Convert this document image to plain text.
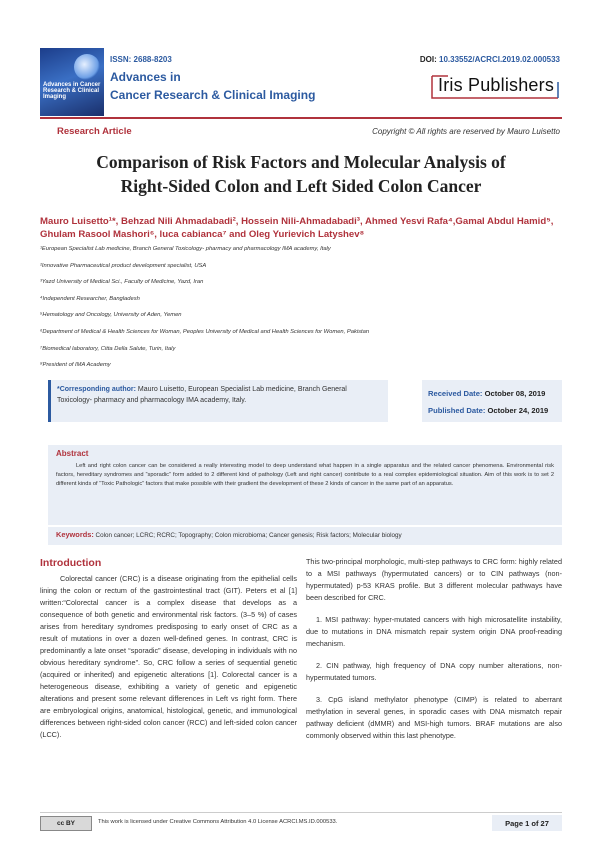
Advances in Cancer Research & Clinical Imaging
ISSN: 2688-8203
Advances in
Cancer Research & Clinical Imaging
DOI: 10.33552/ACRCI.2019.02.000533
Iris Publishers
Research Article	Copyright © All rights are reserved by Mauro Luisetto
Comparison of Risk Factors and Molecular Analysis of
Right-Sided Colon and Left Sided Colon Cancer
Mauro Luisetto¹*, Behzad Nili Ahmadabadi², Hossein Nili-Ahmadabadi³, Ahmed Yesvi Rafa⁴,Gamal Abdul Hamid⁵, Ghulam Rasool Mashori⁶, luca cabianca⁷ and Oleg Yurievich Latyshev⁸
¹European Specialist Lab medicine, Branch General Toxicology- pharmacy and pharmacology IMA academy, Italy
²Innovative Pharmaceutical product development specialist, USA
³Yazd University of Medical Sci., Faculty of Medicine, Yazd, Iran
⁴Independent Researcher, Bangladesh
⁵Hematology and Oncology, University of Aden, Yemen
⁶Department of Medical & Health Sciences for Woman, Peoples University of Medical and Health Sciences for Women, Pakistan
⁷Biomedical laboratory, Citta Della Salute, Turin, Italy
⁸President of IMA Academy
*Corresponding author: Mauro Luisetto, European Specialist Lab medicine, Branch General Toxicology- pharmacy and pharmacology IMA academy, Italy.
Received Date: October 08, 2019
Published Date: October 24, 2019
Abstract
Left and right colon cancer can be considered a really interesting model to deep understand what happen in a single apparatus and the related cancer phenomena. Environmental risk factors, hereditary syndromes and “sporadic” form added to 2 different kind of pathology (Left and right cancer) contribute to a real complex epidemiological situation. Aim of this work is to set 2 different kinds of “Toxic Pathologic” factors that make possible with their gradient the development of these 2 kinds of cancer in the same part of an apparatus.
Keywords: Colon cancer; LCRC; RCRC; Topography; Colon microbioma; Cancer genesis; Risk factors; Molecular biology
Introduction

Colorectal cancer (CRC) is a disease originating from the epithelial cells lining the colon or rectum of the gastrointestinal tract (GIT). Peters et al [1] written:“Colorectal cancer is a complex disease that develops as a consequence of both genetic and environmental risk factors. (3–5 %) of cases arises from hereditary syndromes predisposing to early onset of CRC as a result of mutations in over a dozen well-defined genes. In contrast, CRC is predominantly a late onset “sporadic” disease, developing in individuals with no obvious hereditary syndrome”. So, CRC follow a series of sequential genetic (acquired or inherited) and epigenetic alterations [1]. Colorectal cancer is a heterogeneous disease, exhibiting a variety of genetic and epigenetic alterations and present some relevant differences in Left vs right form. There are embryological origins, anatomical, histological, genetic, and immunological differences between right-sided colon cancer (RCC) and left-sided colon cancer (LCC).

This two-principal morphologic, multi-step pathways to CRC form: highly related to a MSI pathways (hypermutated cancers) or to CIN pathways (non-hypermutated) p-53 KRAS profile. But 3 different molecular pathways have been described for CRC.

1. MSI pathway: hyper-mutated cancers with high microsatellite instability, due to mutations in DNA mismatch repair system origin DNA proof-reading mechanism.

2. CIN pathway, high frequency of DNA copy number alterations, non-hypermutated tumors.

3. CpG island methylator phenotype (CIMP) is related to aberrant methylation in several genes, in sporadic cases with DNA mismatch repair pathway deficient (dMMR) and MSI-high tumors. BRAF mutations are also commonly observed within this last phenotype.

cc BY	This work is licensed under Creative Commons Attribution 4.0 License ACRCI.MS.ID.000533.	Page 1 of 27
